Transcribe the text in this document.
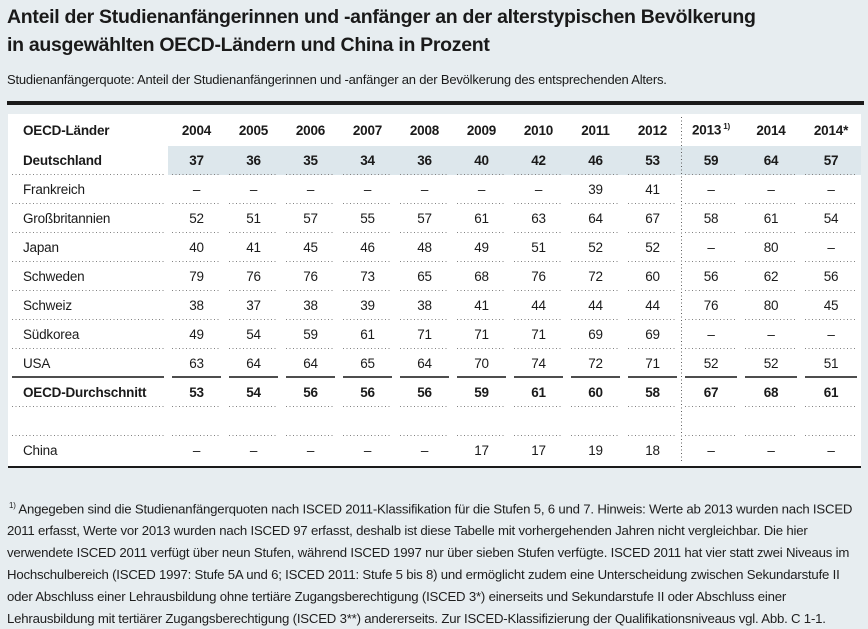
Anteil der Studienanfängerinnen und -anfänger an der alterstypischen Bevölkerung
in ausgewählten OECD-Ländern und China in Prozent
Studienanfängerquote: Anteil der Studienanfängerinnen und -anfänger an der Bevölkerung des entsprechenden Alters.
OECD-Länder	2004	2005	2006	2007	2008	2009	2010	2011	2012	2013 $^{1)}$	2014	2014*
Deutschland	37	36	35	34	36	40	42	46	53	59	64	57
Frankreich	–	–	–	–	–	–	–	39	41	–	–	–
Großbritannien	52	51	57	55	57	61	63	64	67	58	61	54
Japan	40	41	45	46	48	49	51	52	52	–	80	–
Schweden	79	76	76	73	65	68	76	72	60	56	62	56
Schweiz	38	37	38	39	38	41	44	44	44	76	80	45
Südkorea	49	54	59	61	71	71	71	69	69	–	–	–
USA	63	64	64	65	64	70	74	72	71	52	52	51
OECD-Durchschnitt	53	54	56	56	56	59	61	60	58	67	68	61

China	–	–	–	–	–	17	17	19	18	–	–	–

$^{1)}$ Angegeben sind die Studienanfängerquoten nach ISCED 2011-Klassifikation für die Stufen 5, 6 und 7. Hinweis: Werte ab 2013 wurden nach ISCED 2011 erfasst, Werte vor 2013 wurden nach ISCED 97 erfasst, deshalb ist diese Tabelle mit vorhergehenden Jahren nicht vergleichbar. Die hier verwendete ISCED 2011 verfügt über neun Stufen, während ISCED 1997 nur über sieben Stufen verfügte. ISCED 2011 hat vier statt zwei Niveaus im Hochschulbereich (ISCED 1997: Stufe 5A und 6; ISCED 2011: Stufe 5 bis 8) und ermöglicht zudem eine Unterscheidung zwischen Sekundarstufe II oder Abschluss einer Lehrausbildung ohne tertiäre Zugangsberechtigung (ISCED 3*) einerseits und Sekundarstufe II oder Abschluss einer Lehrausbildung mit tertiärer Zugangsberechtigung (ISCED 3**) andererseits. Zur ISCED-Klassifizierung der Qualifikationsniveaus vgl. Abb. C 1-1.
